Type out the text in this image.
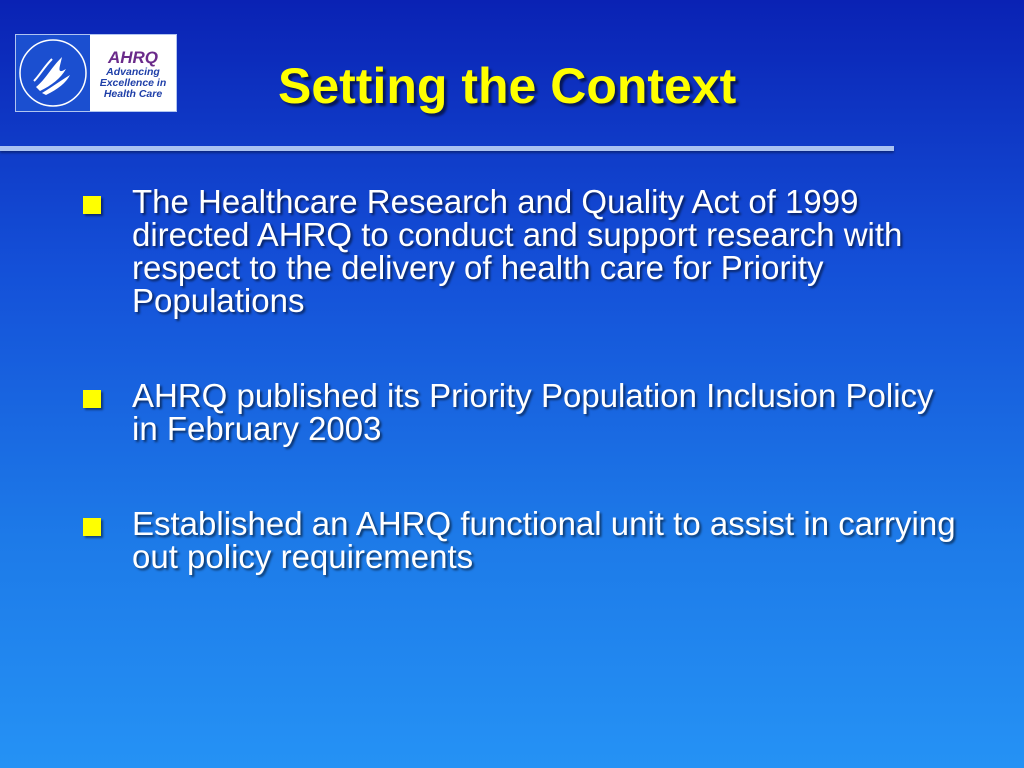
AHRQ
Advancing
Excellence in
Health Care Setting the Context
The Healthcare Research and Quality Act of 1999 directed AHRQ to conduct and support research with respect to the delivery of health care for Priority Populations
AHRQ published its Priority Population Inclusion Policy in February 2003
Established an AHRQ functional unit to assist in carrying out policy requirements
